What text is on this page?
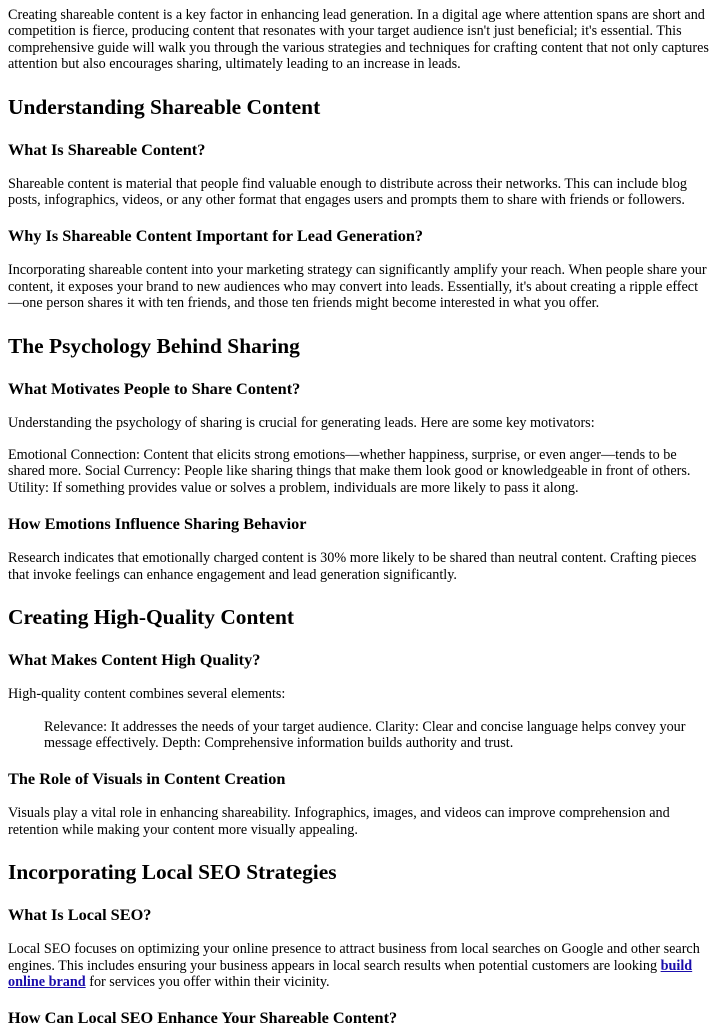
Creating shareable content is a key factor in enhancing lead generation. In a digital age where attention spans are short and competition is fierce, producing content that resonates with your target audience isn't just beneficial; it's essential. This comprehensive guide will walk you through the various strategies and techniques for crafting content that not only captures attention but also encourages sharing, ultimately leading to an increase in leads.

Understanding Shareable Content
What Is Shareable Content?

Shareable content is material that people find valuable enough to distribute across their networks. This can include blog posts, infographics, videos, or any other format that engages users and prompts them to share with friends or followers.

Why Is Shareable Content Important for Lead Generation?

Incorporating shareable content into your marketing strategy can significantly amplify your reach. When people share your content, it exposes your brand to new audiences who may convert into leads. Essentially, it's about creating a ripple effect—one person shares it with ten friends, and those ten friends might become interested in what you offer.

The Psychology Behind Sharing
What Motivates People to Share Content?

Understanding the psychology of sharing is crucial for generating leads. Here are some key motivators:

Emotional Connection: Content that elicits strong emotions—whether happiness, surprise, or even anger—tends to be shared more. Social Currency: People like sharing things that make them look good or knowledgeable in front of others. Utility: If something provides value or solves a problem, individuals are more likely to pass it along.

How Emotions Influence Sharing Behavior

Research indicates that emotionally charged content is 30% more likely to be shared than neutral content. Crafting pieces that invoke feelings can enhance engagement and lead generation significantly.

Creating High-Quality Content
What Makes Content High Quality?

High-quality content combines several elements:

Relevance: It addresses the needs of your target audience. Clarity: Clear and concise language helps convey your message effectively. Depth: Comprehensive information builds authority and trust.
The Role of Visuals in Content Creation

Visuals play a vital role in enhancing shareability. Infographics, images, and videos can improve comprehension and retention while making your content more visually appealing.

Incorporating Local SEO Strategies
What Is Local SEO?

Local SEO focuses on optimizing your online presence to attract business from local searches on Google and other search engines. This includes ensuring your business appears in local search results when potential customers are looking build online brand for services you offer within their vicinity.

How Can Local SEO Enhance Your Shareable Content?
